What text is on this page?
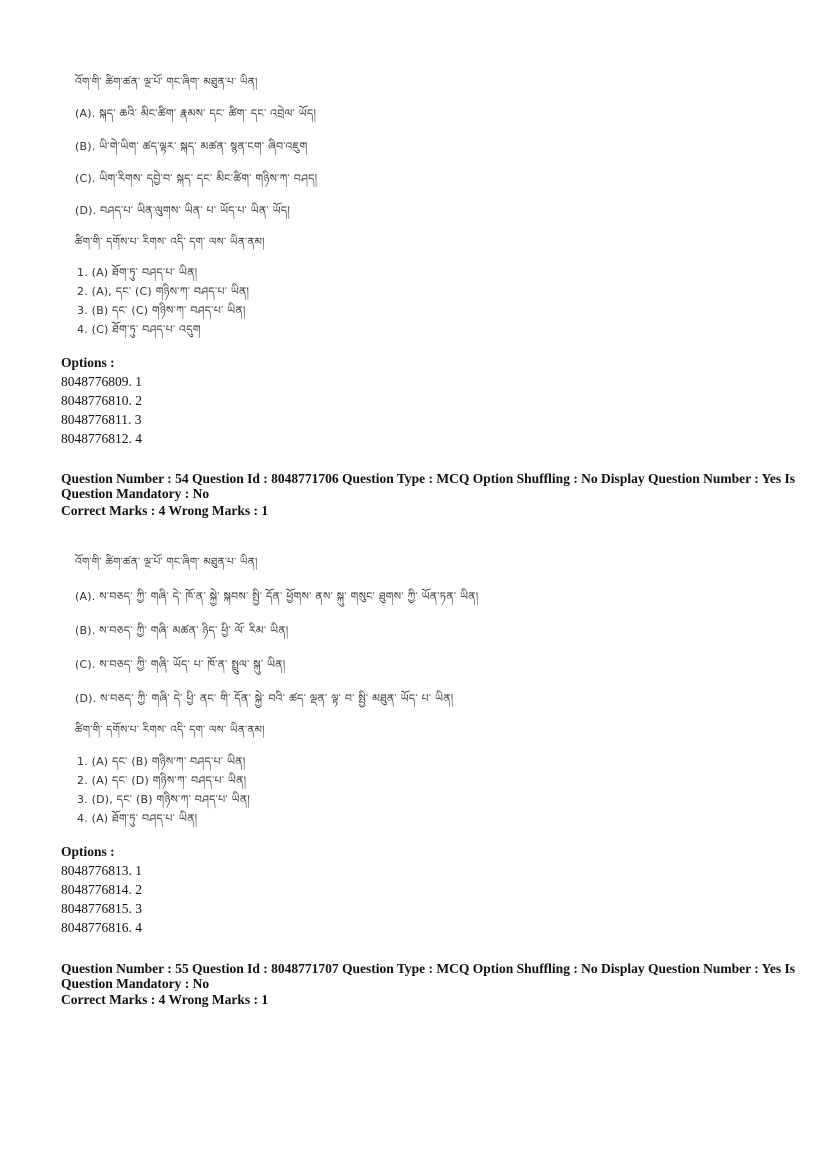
འོག་གི་ ཚིག་ཚན་ ལྔ་པོ་ གང་ཞིག་ མཐུན་པ་ ཡིན།
(A). སྐད་ ཆའི་ མིང་ཚིག་ རྣམས་ དང་ ཚིག་ དང་ འབྲེལ་ ཡོད།
(B). ཡི་གེ་ཡིག་ ཚད་ལྟར་ སྐད་ མཚན་ སྙན་ངག་ ཞིབ་འཇུག
(C). ཡིག་རིགས་ དབྱེ་བ་ སྐད་ དང་ མིང་ཚིག་ གཉིས་ཀ་ བཤད།
(D). བཤད་པ་ ཡིན་ལུགས་ ཡིན་ པ་ ཡོད་པ་ ཡིན་ ཡོད།
ཚིག་གི་ དགོས་པ་ རིགས་ འདི་ དག་ ལས་ ཡིན་ནམ།
1. (A) ཐོག་ཏུ་ བཤད་པ་ ཡིན།
2. (A), དང་ (C) གཉིས་ཀ་ བཤད་པ་ ཡིན།
3. (B) དང་ (C) གཉིས་ཀ་ བཤད་པ་ ཡིན།
4. (C) ཐོག་ཏུ་ བཤད་པ་ འདུག
Options :
8048776809. 1
8048776810. 2
8048776811. 3
8048776812. 4
Question Number : 54 Question Id : 8048771706 Question Type : MCQ Option Shuffling : No Display Question Number : Yes Is
Question Mandatory : No
Correct Marks : 4 Wrong Marks : 1
འོག་གི་ ཚིག་ཚན་ ལྔ་པོ་ གང་ཞིག་ མཐུན་པ་ ཡིན།
(A). ས་བཅད་ ཀྱི་ གཞི་ དེ་ ཁོ་ན་ སྐྱེ་ སྐབས་ སྤྱི་ དོན་ ཕྱོགས་ ནས་ སྐུ་ གསུང་ ཐུགས་ ཀྱི་ ཡོན་ཏན་ ཡིན།
(B). ས་བཅད་ ཀྱི་ གཞི་ མཚན་ ཉིད་ ཕྱི་ ལོ་ རིམ་ ཡིན།
(C). ས་བཅད་ ཀྱི་ གཞི་ ཡོད་ པ་ ཁོ་ན་ སྤྲུལ་ སྐུ་ ཡིན།
(D). ས་བཅད་ ཀྱི་ གཞི་ དེ་ ཕྱི་ ནང་ གི་ དོན་ སྐྱེ་ བའི་ ཚད་ ལྡན་ ལྟ་ བ་ སྤྱི་ མཐུན་ ཡོད་ པ་ ཡིན།
ཚིག་གི་ དགོས་པ་ རིགས་ འདི་ དག་ ལས་ ཡིན་ནམ།
1. (A) དང་ (B) གཉིས་ཀ་ བཤད་པ་ ཡིན།
2. (A) དང་ (D) གཉིས་ཀ་ བཤད་པ་ ཡིན།
3. (D), དང་ (B) གཉིས་ཀ་ བཤད་པ་ ཡིན།
4. (A) ཐོག་ཏུ་ བཤད་པ་ ཡིན།
Options :
8048776813. 1
8048776814. 2
8048776815. 3
8048776816. 4
Question Number : 55 Question Id : 8048771707 Question Type : MCQ Option Shuffling : No Display Question Number : Yes Is
Question Mandatory : No
Correct Marks : 4 Wrong Marks : 1
